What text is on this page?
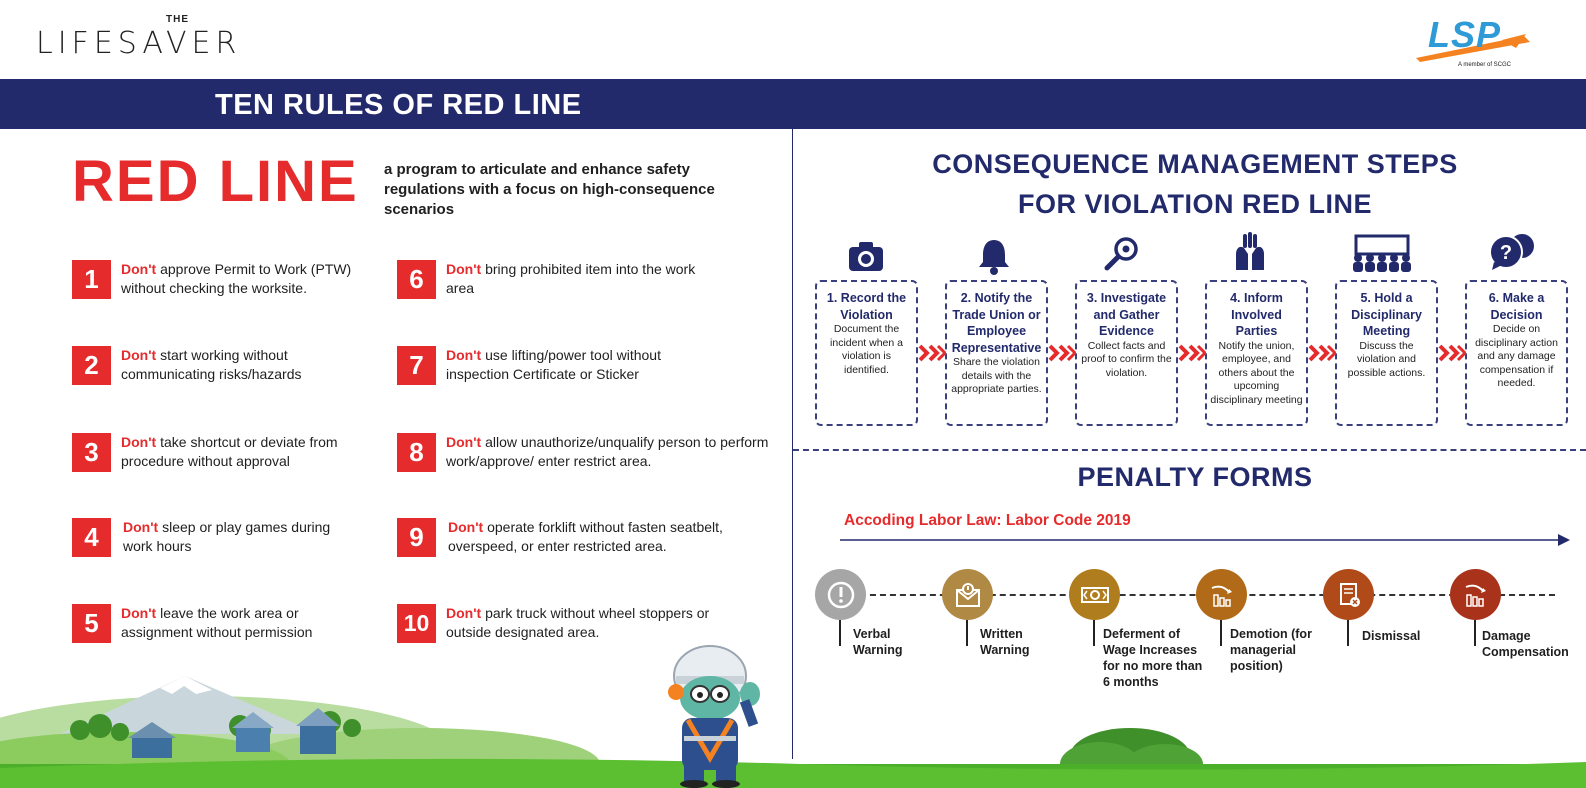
THE
LIFESAVER	LSP
A member of SCGC
TEN RULES OF RED LINE
RED LINE a program to articulate and enhance safety regulations with a focus on high-consequence scenarios
1	Don't approve Permit to Work (PTW) without checking the worksite.
2	Don't start working without communicating risks/hazards
3	Don't take shortcut or deviate from procedure without approval
4	Don't sleep or play games during work hours
5	Don't leave the work area or assignment without permission
6	Don't bring prohibited item into the work area
7	Don't use lifting/power tool without inspection Certificate or Sticker
8	Don't allow unauthorize/unqualify person to perform work/approve/ enter restrict area.
9	Don't operate forklift without fasten seatbelt, overspeed, or enter restricted area.
10	Don't park truck without wheel stoppers or outside designated area.
CONSEQUENCE MANAGEMENT STEPS
FOR VIOLATION RED LINE
?
1. Record the Violation
Document the incident when a violation is identified.
2. Notify the Trade Union or Employee Representative
Share the violation details with the appropriate parties.
3. Investigate and Gather Evidence
Collect facts and proof to confirm the violation.
4. Inform Involved Parties
Notify the union, employee, and others about the upcoming disciplinary meeting
5. Hold a Disciplinary Meeting
Discuss the violation and possible actions.
6. Make a Decision
Decide on disciplinary action and any damage compensation if needed.
PENALTY FORMS
Accoding Labor Law: Labor Code 2019
Verbal Warning
Written Warning
Deferment of Wage Increases for no more than 6 months
Demotion (for managerial position)
Dismissal	Damage Compensation
